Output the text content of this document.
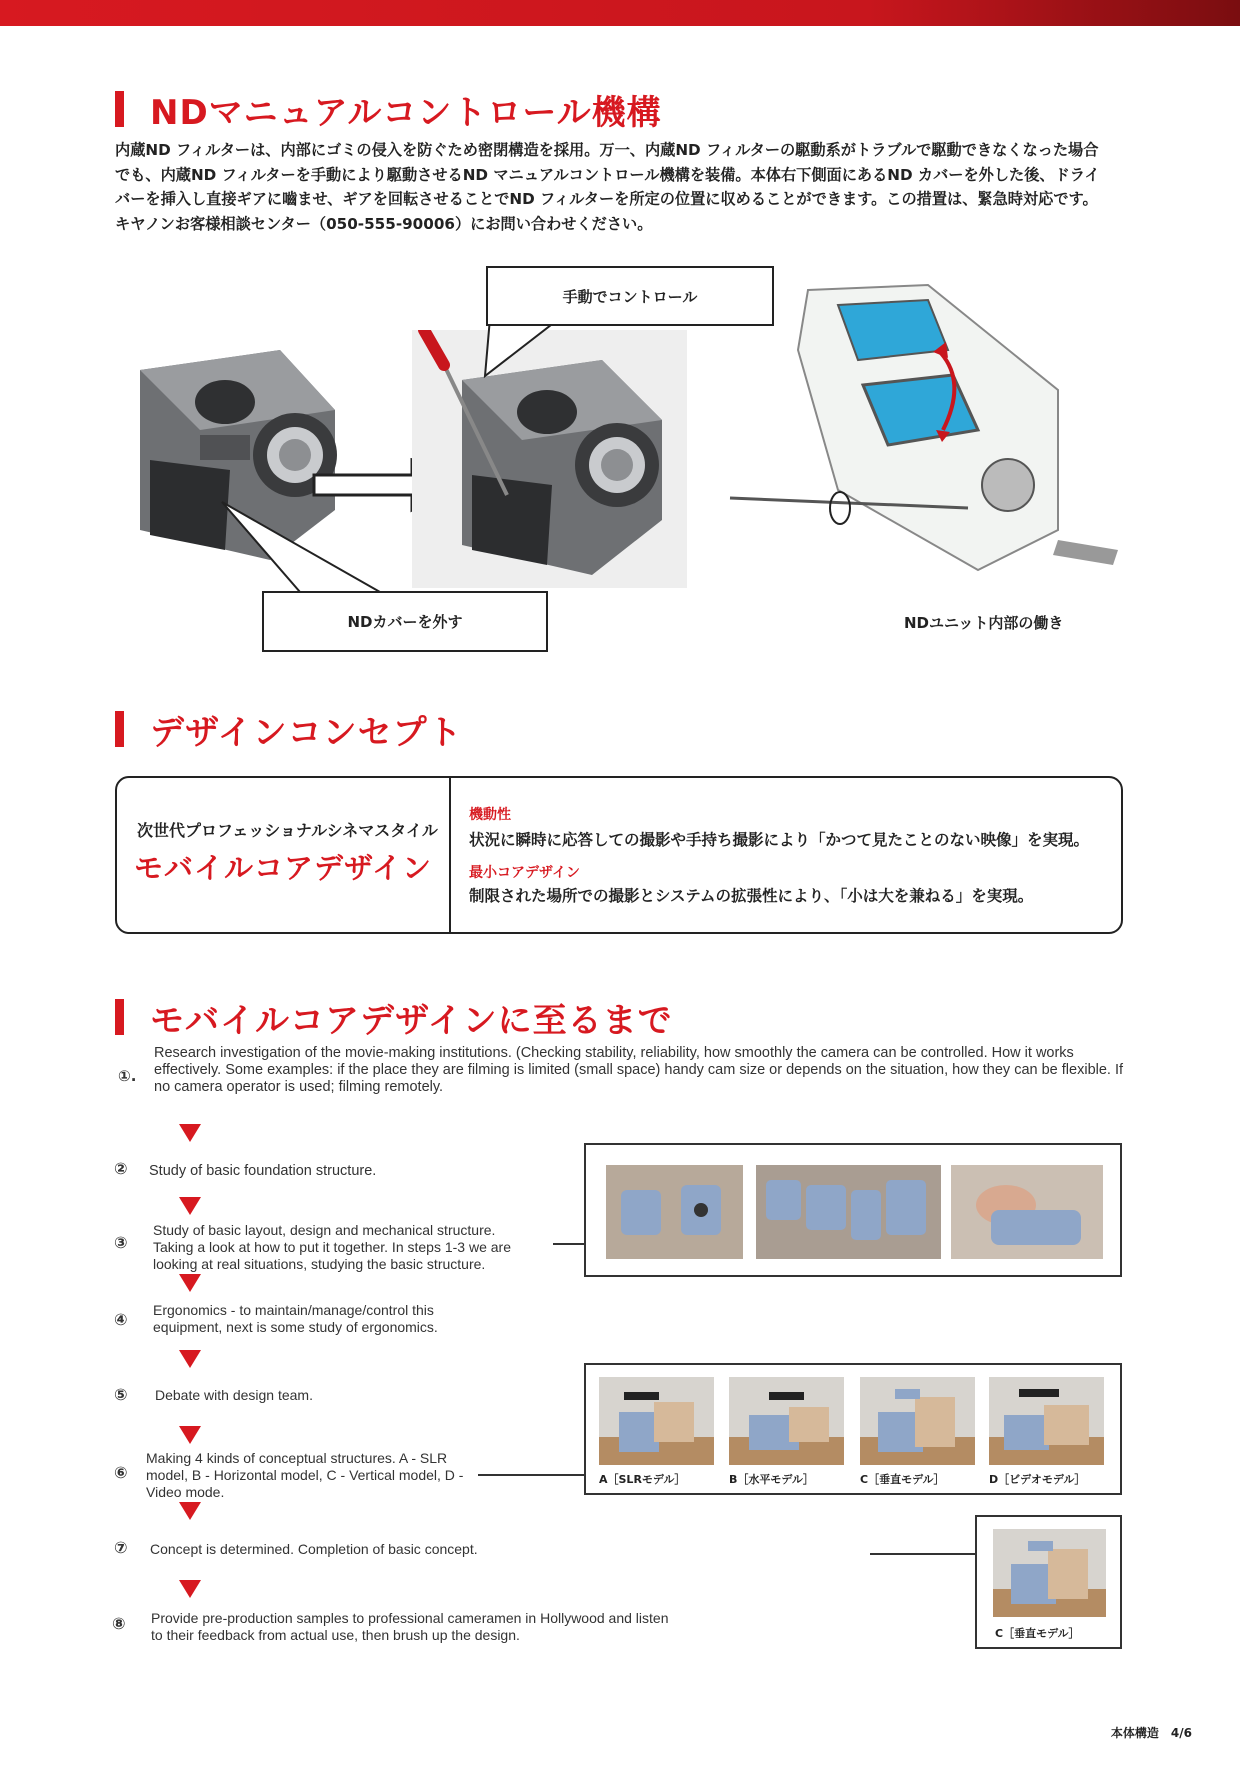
NDマニュアルコントロール機構
内蔵ND フィルターは、内部にゴミの侵入を防ぐため密閉構造を採用。万一、内蔵ND フィルターの駆動系がトラブルで駆動できなくなった場合
でも、内蔵ND フィルターを手動により駆動させるND マニュアルコントロール機構を装備。本体右下側面にあるND カバーを外した後、ドライ
バーを挿入し直接ギアに嚙ませ、ギアを回転させることでND フィルターを所定の位置に収めることができます。この措置は、緊急時対応です。
キヤノンお客様相談センター（050-555-90006）にお問い合わせください。
手動でコントロール
NDカバーを外す	NDユニット内部の働き
デザインコンセプト
次世代プロフェッショナルシネマスタイル
モバイルコアデザイン
機動性
状況に瞬時に応答しての撮影や手持ち撮影により「かつて見たことのない映像」を実現。
最小コアデザイン
制限された場所での撮影とシステムの拡張性により、「小は大を兼ねる」を実現。
モバイルコアデザインに至るまで
①.
Research investigation of the movie-making institutions. (Checking stability, reliability, how smoothly the camera can be controlled. How it works effectively. Some examples: if the place they are filming is limited (small space) handy cam size or depends on the situation, how they can be flexible. If no camera operator is used; filming remotely.
② Study of basic foundation structure.
③
Study of basic layout, design and mechanical structure. Taking a look at how to put it together. In steps 1-3 we are looking at real situations, studying the basic structure.
④ Ergonomics - to maintain/manage/control this equipment, next is some study of ergonomics.
⑤ Debate with design team.
⑥
Making 4 kinds of conceptual structures. A - SLR model, B - Horizontal model, C - Vertical model, D - Video mode.
⑦ Concept is determined. Completion of basic concept.
⑧ Provide pre-production samples to professional cameramen in Hollywood and listen to their feedback from actual use, then brush up the design.
A［SLRモデル］	B［水平モデル］	C［垂直モデル］	D［ビデオモデル］
C［垂直モデル］
本体構造　4/6
